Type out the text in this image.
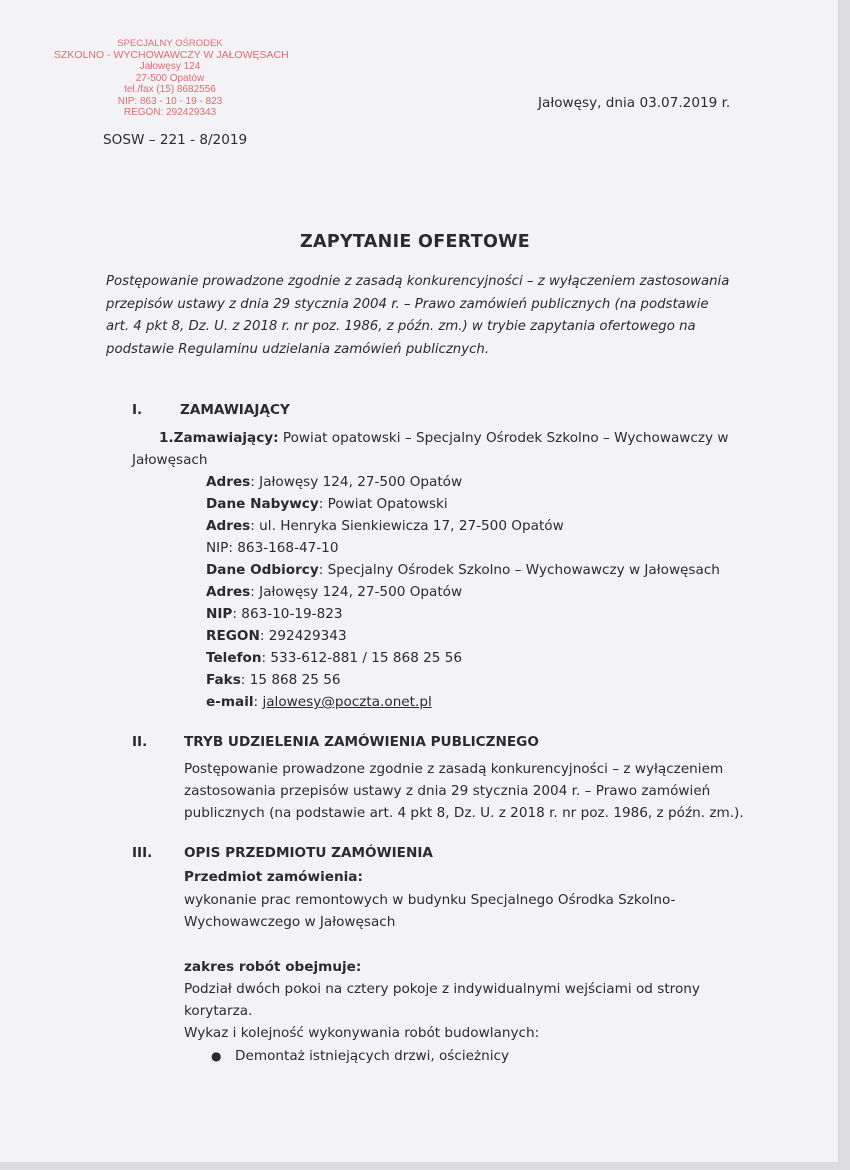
SPECJALNY OŚRODEK
SZKOLNO - WYCHOWAWCZY W JAŁOWĘSACH
Jałowęsy 124
27-500 Opatów
tel./fax (15) 8682556
NIP: 863 - 10 - 19 - 823
REGON: 292429343
SOSW – 221 - 8/2019
Jałowęsy, dnia 03.07.2019 r.
ZAPYTANIE OFERTOWE
Postępowanie prowadzone zgodnie z zasadą konkurencyjności – z wyłączeniem zastosowania
przepisów ustawy z dnia 29 stycznia 2004 r. – Prawo zamówień publicznych (na podstawie
art. 4 pkt 8, Dz. U. z 2018 r. nr poz. 1986, z późn. zm.) w trybie zapytania ofertowego na
podstawie Regulaminu udzielania zamówień publicznych.
I.	ZAMAWIAJĄCY
1.Zamawiający: Powiat opatowski – Specjalny Ośrodek Szkolno – Wychowawczy w
Jałowęsach
Adres: Jałowęsy 124, 27-500 Opatów
Dane Nabywcy: Powiat Opatowski
Adres: ul. Henryka Sienkiewicza 17, 27-500 Opatów
NIP: 863-168-47-10
Dane Odbiorcy: Specjalny Ośrodek Szkolno – Wychowawczy w Jałowęsach
Adres: Jałowęsy 124, 27-500 Opatów
NIP: 863-10-19-823
REGON: 292429343
Telefon: 533-612-881 / 15 868 25 56
Faks: 15 868 25 56
e-mail: jalowesy@poczta.onet.pl
II.	TRYB UDZIELENIA ZAMÓWIENIA PUBLICZNEGO
Postępowanie prowadzone zgodnie z zasadą konkurencyjności – z wyłączeniem
zastosowania przepisów ustawy z dnia 29 stycznia 2004 r. – Prawo zamówień
publicznych (na podstawie art. 4 pkt 8, Dz. U. z 2018 r. nr poz. 1986, z późn. zm.).
III. OPIS PRZEDMIOTU ZAMÓWIENIA
Przedmiot zamówienia:
wykonanie prac remontowych w budynku Specjalnego Ośrodka Szkolno-
Wychowawczego w Jałowęsach
zakres robót obejmuje:
Podział dwóch pokoi na cztery pokoje z indywidualnymi wejściami od strony
korytarza.
Wykaz i kolejność wykonywania robót budowlanych:
● Demontaż istniejących drzwi, ościeżnicy
